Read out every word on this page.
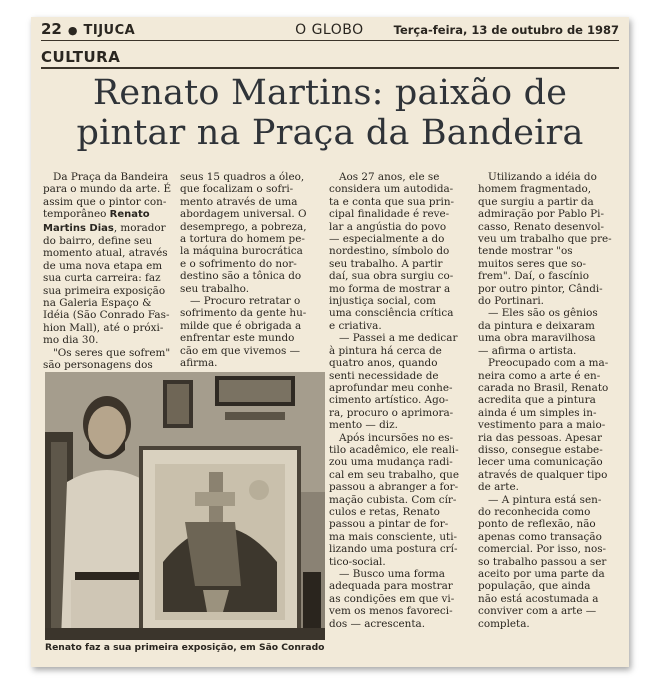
22 ● TIJUCA	O GLOBO	Terça-feira, 13 de outubro de 1987
CULTURA
Renato Martins: paixão de
pintar na Praça da Bandeira
Da Praça da Bandeira
para o mundo da arte. É
assim que o pintor con-
temporâneo Renato
Martins Dias, morador
do bairro, define seu
momento atual, através
de uma nova etapa em
sua curta carreira: faz
sua primeira exposição
na Galeria Espaço &
Idéia (São Conrado Fas-
hion Mall), até o próxi-
mo dia 30.
"Os seres que sofrem"
são personagens dos
seus 15 quadros a óleo,
que focalizam o sofri-
mento através de uma
abordagem universal. O
desemprego, a pobreza,
a tortura do homem pe-
la máquina burocrática
e o sofrimento do nor-
destino são a tônica do
seu trabalho.
— Procuro retratar o
sofrimento da gente hu-
milde que é obrigada a
enfrentar este mundo
cão em que vivemos —
afirma.
Aos 27 anos, ele se
considera um autodida-
ta e conta que sua prin-
cipal finalidade é reve-
lar a angústia do povo
— especialmente a do
nordestino, símbolo do
seu trabalho. A partir
daí, sua obra surgiu co-
mo forma de mostrar a
injustiça social, com
uma consciência crítica
e criativa.
— Passei a me dedicar
à pintura há cerca de
quatro anos, quando
senti necessidade de
aprofundar meu conhe-
cimento artístico. Ago-
ra, procuro o aprimora-
mento — diz.
Após incursões no es-
tilo acadêmico, ele reali-
zou uma mudança radi-
cal em seu trabalho, que
passou a abranger a for-
mação cubista. Com cír-
culos e retas, Renato
passou a pintar de for-
ma mais consciente, uti-
lizando uma postura crí-
tico-social.
— Busco uma forma
adequada para mostrar
as condições em que vi-
vem os menos favoreci-
dos — acrescenta.
Utilizando a idéia do
homem fragmentado,
que surgiu a partir da
admiração por Pablo Pi-
casso, Renato desenvol-
veu um trabalho que pre-
tende mostrar "os
muitos seres que so-
frem". Daí, o fascínio
por outro pintor, Cândi-
do Portinari.
— Eles são os gênios
da pintura e deixaram
uma obra maravilhosa
— afirma o artista.
Preocupado com a ma-
neira como a arte é en-
carada no Brasil, Renato
acredita que a pintura
ainda é um simples in-
vestimento para a maio-
ria das pessoas. Apesar
disso, consegue estabe-
lecer uma comunicação
através de qualquer tipo
de arte.
— A pintura está sen-
do reconhecida como
ponto de reflexão, não
apenas como transação
comercial. Por isso, nos-
so trabalho passou a ser
aceito por uma parte da
população, que ainda
não está acostumada a
conviver com a arte —
completa.
Renato faz a sua primeira exposição, em São Conrado
